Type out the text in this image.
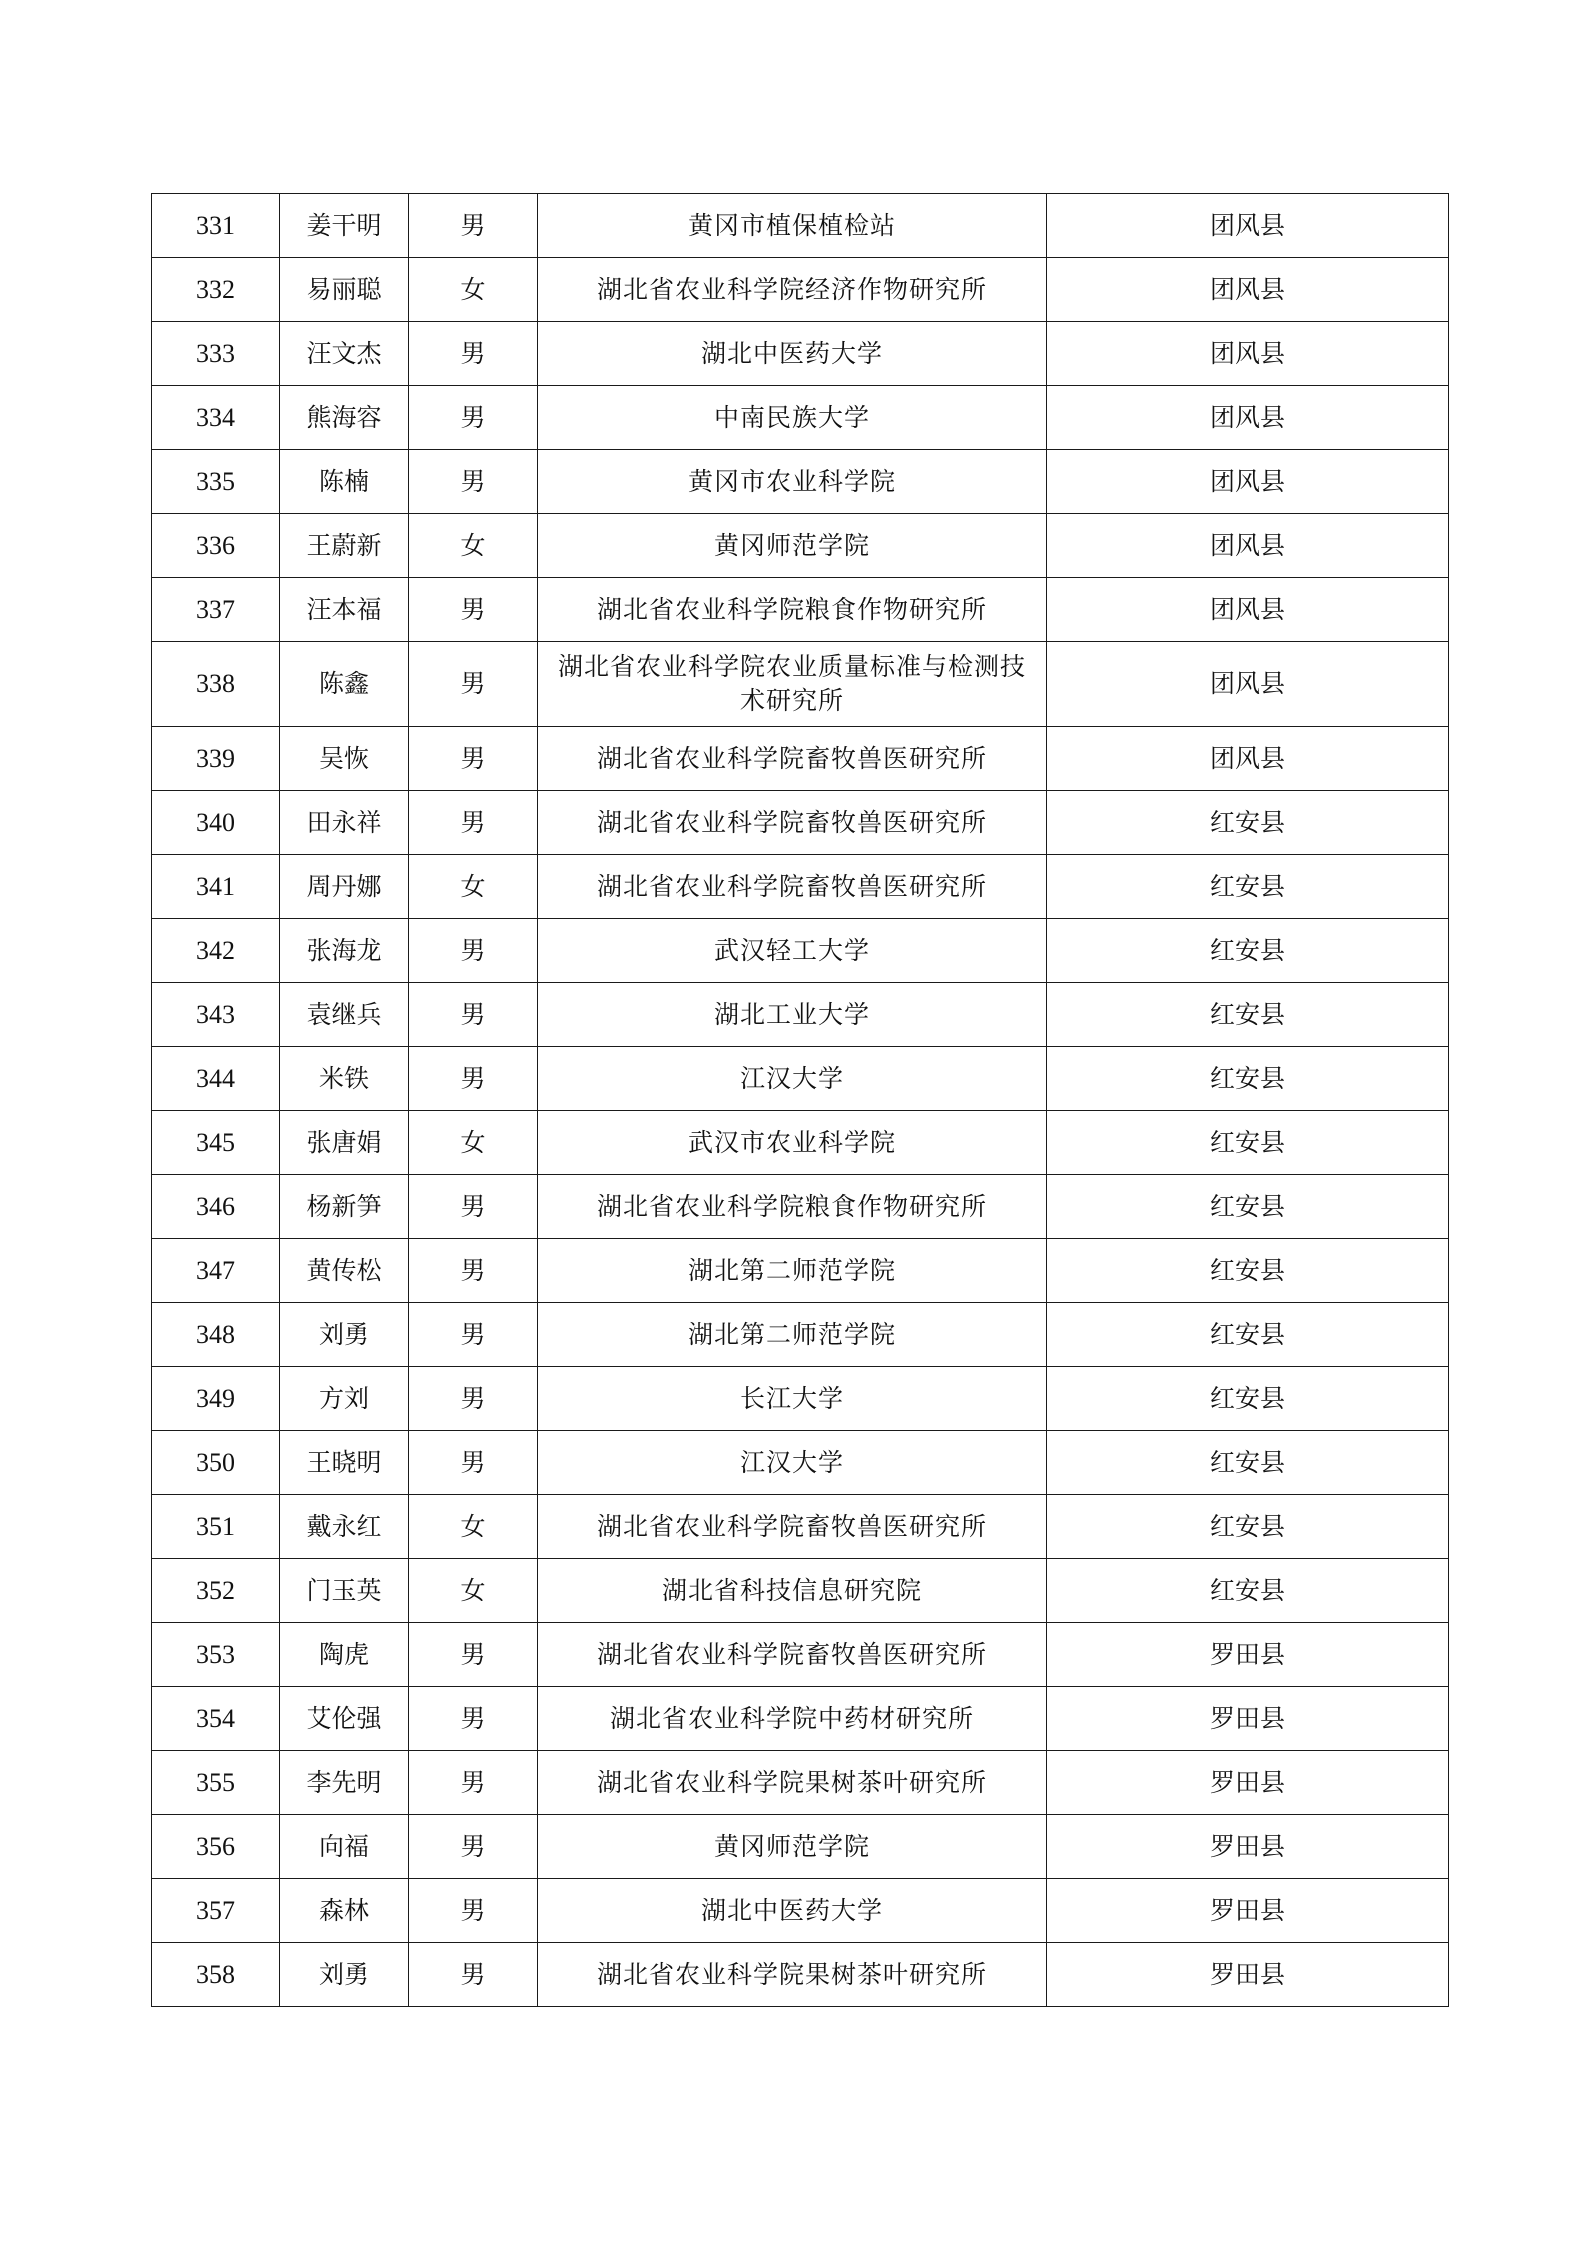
331	姜干明	男	黄冈市植保植检站	团风县
332	易丽聪	女	湖北省农业科学院经济作物研究所	团风县
333	汪文杰	男	湖北中医药大学	团风县
334	熊海容	男	中南民族大学	团风县
335	陈楠	男	黄冈市农业科学院	团风县
336	王蔚新	女	黄冈师范学院	团风县
337	汪本福	男	湖北省农业科学院粮食作物研究所	团风县
338	陈鑫	男	湖北省农业科学院农业质量标准与检测技术研究所	团风县
339	吴恢	男	湖北省农业科学院畜牧兽医研究所	团风县
340	田永祥	男	湖北省农业科学院畜牧兽医研究所	红安县
341	周丹娜	女	湖北省农业科学院畜牧兽医研究所	红安县
342	张海龙	男	武汉轻工大学	红安县
343	袁继兵	男	湖北工业大学	红安县
344	米铁	男	江汉大学	红安县
345	张唐娟	女	武汉市农业科学院	红安县
346	杨新笋	男	湖北省农业科学院粮食作物研究所	红安县
347	黄传松	男	湖北第二师范学院	红安县
348	刘勇	男	湖北第二师范学院	红安县
349	方刘	男	长江大学	红安县
350	王晓明	男	江汉大学	红安县
351	戴永红	女	湖北省农业科学院畜牧兽医研究所	红安县
352	门玉英	女	湖北省科技信息研究院	红安县
353	陶虎	男	湖北省农业科学院畜牧兽医研究所	罗田县
354	艾伦强	男	湖北省农业科学院中药材研究所	罗田县
355	李先明	男	湖北省农业科学院果树茶叶研究所	罗田县
356	向福	男	黄冈师范学院	罗田县
357	森林	男	湖北中医药大学	罗田县
358	刘勇	男	湖北省农业科学院果树茶叶研究所	罗田县
